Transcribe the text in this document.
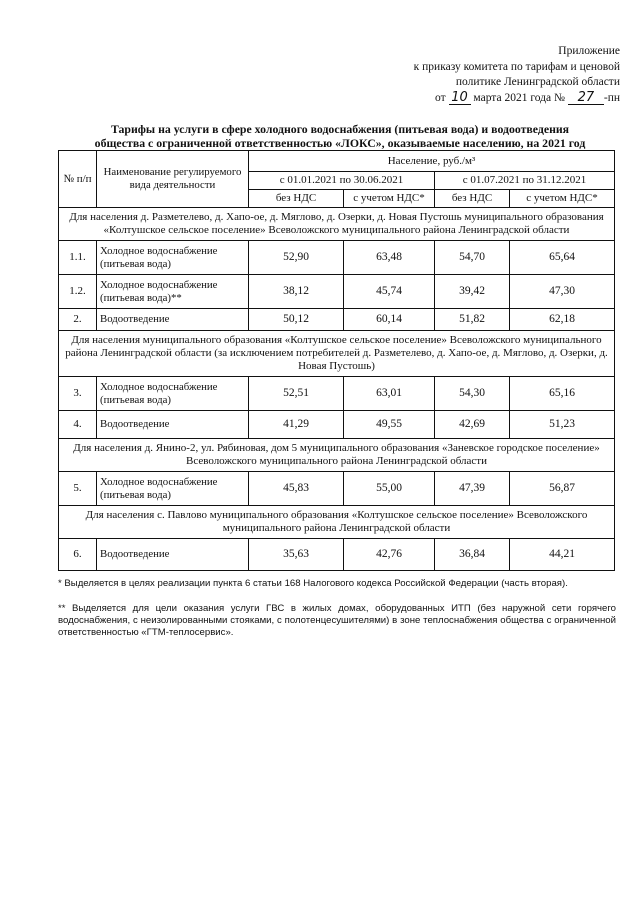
Приложение
к приказу комитета по тарифам и ценовой
политике Ленинградской области
от 10 марта 2021 года № 27 -пн
Тарифы на услуги в сфере холодного водоснабжения (питьевая вода) и водоотведения
общества с ограниченной ответственностью «ЛОКС», оказываемые населению, на 2021 год
№ п/п	Наименование регулируемого вида деятельности	Население, руб./м³			
		с 01.01.2021 по 30.06.2021		с 01.07.2021 по 31.12.2021	
		без НДС	с учетом НДС*	без НДС	с учетом НДС*
Для населения д. Разметелево, д. Хапо-ое, д. Мяглово, д. Озерки, д. Новая Пустошь муниципального образования «Колтушское сельское поселение» Всеволожского муниципального района Ленинградской области					
1.1.	Холодное водоснабжение (питьевая вода)	52,90	63,48	54,70	65,64
1.2.	Холодное водоснабжение (питьевая вода)**	38,12	45,74	39,42	47,30
2.	Водоотведение	50,12	60,14	51,82	62,18
Для населения муниципального образования «Колтушское сельское поселение» Всеволожского муниципального района Ленинградской области (за исключением потребителей д. Разметелево, д. Хапо-ое, д. Мяглово, д. Озерки, д. Новая Пустошь)					
3.	Холодное водоснабжение (питьевая вода)	52,51	63,01	54,30	65,16
4.	Водоотведение	41,29	49,55	42,69	51,23
Для населения д. Янино-2, ул. Рябиновая, дом 5 муниципального образования «Заневское городское поселение» Всеволожского муниципального района Ленинградской области					
5.	Холодное водоснабжение (питьевая вода)	45,83	55,00	47,39	56,87
Для населения с. Павлово муниципального образования «Колтушское сельское поселение» Всеволожского муниципального района Ленинградской области					
6.	Водоотведение	35,63	42,76	36,84	44,21
* Выделяется в целях реализации пункта 6 статьи 168 Налогового кодекса Российской Федерации (часть вторая).
** Выделяется для цели оказания услуги ГВС в жилых домах, оборудованных ИТП (без наружной сети горячего водоснабжения, с неизолированными стояками, с полотенцесушителями) в зоне теплоснабжения общества с ограниченной ответственностью «ГТМ-теплосервис».
